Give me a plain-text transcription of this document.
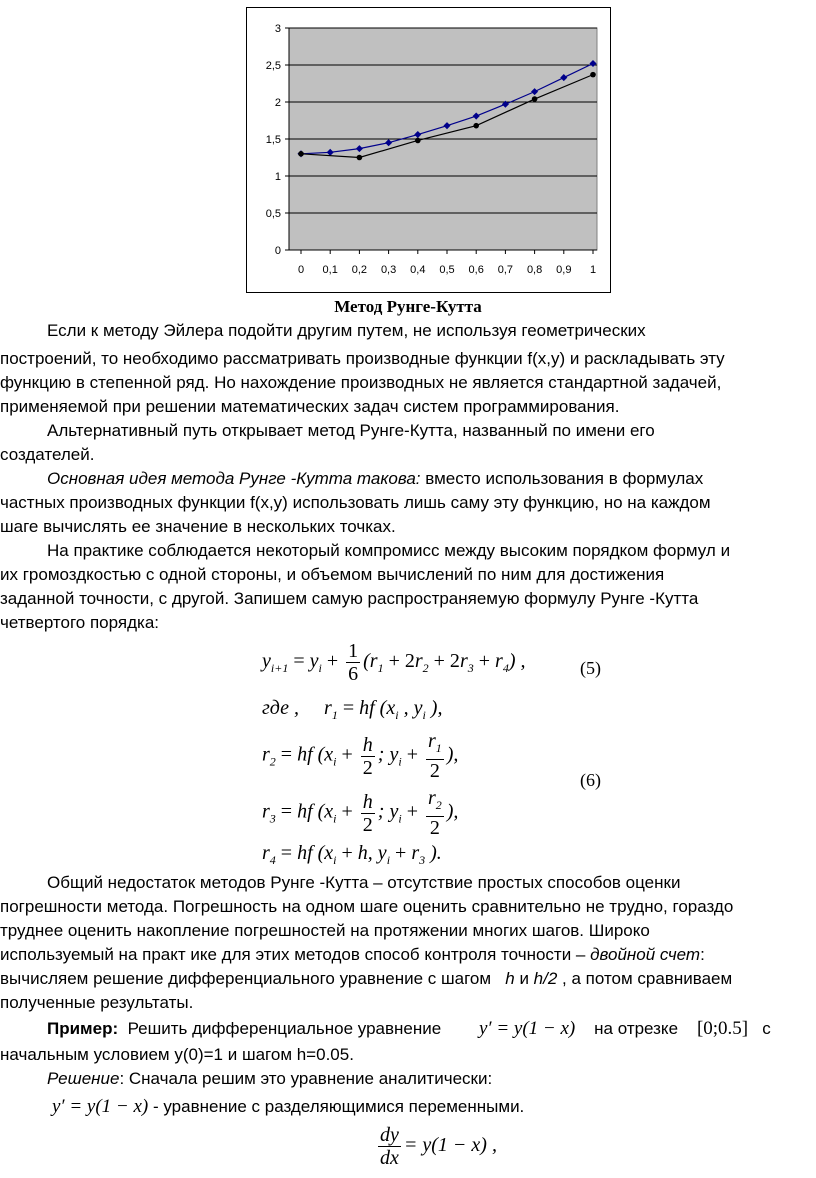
0
0,5
1
1,5
2
2,5
3
0 0,1 0,2 0,3 0,4 0,5 0,6 0,7 0,8 0,9 1
Метод Рунге-Кутта
Если к методу Эйлера подойти другим путем, не используя геометрических
построений, то необходимо рассматривать производные функции f(x,y) и раскладывать эту
функцию в степенной ряд. Но нахождение производных не является стандартной задачей,
применяемой при решении математических задач систем программирования.
Альтернативный путь открывает метод Рунге-Кутта, названный по имени его
создателей.
Основная идея метода Рунге -Кутта такова: вместо использования в формулах
частных производных функции f(x,y) использовать лишь саму эту функцию, но на каждом
шаге вычислять ее значение в нескольких точках.
На практике соблюдается некоторый компромисс между высоким порядком формул и
их громоздкостью с одной стороны, и объемом вычислений по ним для достижения
заданной точности, с другой. Запишем самую распространяемую формулу Рунге -Кутта
четвертого порядка:
$y_{i+1} = y_i + \frac{1}{6} (r_1 + 2r_2 + 2r_3 + r_4)$ ,	(5)
где ,     $r_1$ = hf ($x_i$ , $y_i$ ),
$r_2$ = hf ($x_i + \frac{h}{2}$ ; $y_i + \frac{r_1}{2}$ ),
(6)
$r_3$ = hf ($x_i + \frac{h}{2}$ ; $y_i + \frac{r_2}{2}$ ),
$r_4$ = hf ($x_i + h$, $y_i + r_3$ ).
Общий недостаток методов Рунге -Кутта – отсутствие простых способов оценки
погрешности метода. Погрешность на одном шаге оценить сравнительно не трудно, гораздо
труднее оценить накопление погрешностей на протяжении многих шагов. Широко
используемый на практ ике для этих методов способ контроля точности – двойной счет:
вычисляем решение дифференциального уравнение с шагом h и h/2 , а потом сравниваем
полученные результаты.
Пример: Решить дифференциальное уравнение y′ = y(1 − x) на отрезке [0;0.5] с
начальным условием y(0)=1 и шагом h=0.05.
Решение: Сначала решим это уравнение аналитически:
y′ = y(1 − x) - уравнение с разделяющимися переменными.
$\frac{dy}{dx} = y(1 - x)$ ,
